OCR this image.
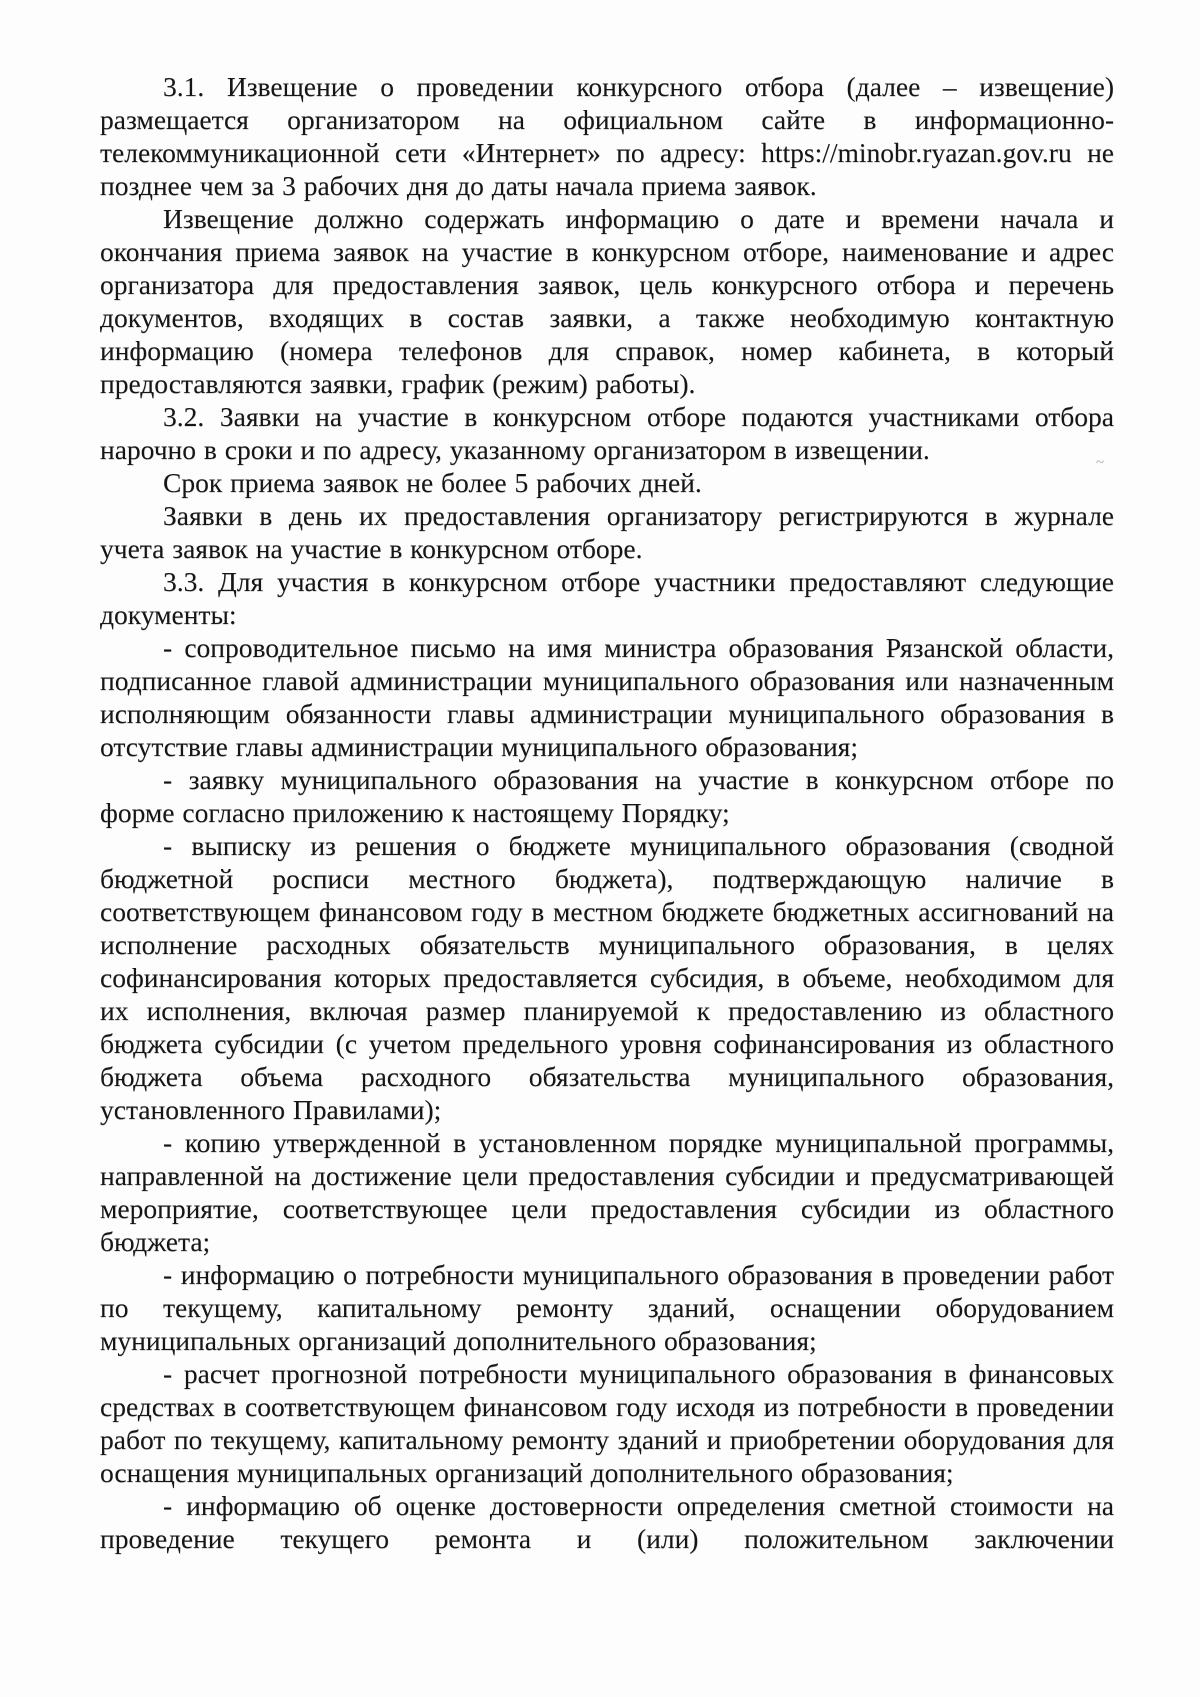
3.1. Извещение о проведении конкурсного отбора (далее – извещение) размещается организатором на официальном сайте в информационно-телекоммуникационной сети «Интернет» по адресу: https://minobr.ryazan.gov.ru не позднее чем за 3 рабочих дня до даты начала приема заявок.

Извещение должно содержать информацию о дате и времени начала и окончания приема заявок на участие в конкурсном отборе, наименование и адрес организатора для предоставления заявок, цель конкурсного отбора и перечень документов, входящих в состав заявки, а также необходимую контактную информацию (номера телефонов для справок, номер кабинета, в который предоставляются заявки, график (режим) работы).

3.2. Заявки на участие в конкурсном отборе подаются участниками отбора нарочно в сроки и по адресу, указанному организатором в извещении.

Срок приема заявок не более 5 рабочих дней.

Заявки в день их предоставления организатору регистрируются в журнале учета заявок на участие в конкурсном отборе.

3.3. Для участия в конкурсном отборе участники предоставляют следующие документы:

- сопроводительное письмо на имя министра образования Рязанской области, подписанное главой администрации муниципального образования или назначенным исполняющим обязанности главы администрации муниципального образования в отсутствие главы администрации муниципального образования;

- заявку муниципального образования на участие в конкурсном отборе по форме согласно приложению к настоящему Порядку;

- выписку из решения о бюджете муниципального образования (сводной бюджетной росписи местного бюджета), подтверждающую наличие в соответствующем финансовом году в местном бюджете бюджетных ассигнований на исполнение расходных обязательств муниципального образования, в целях софинансирования которых предоставляется субсидия, в объеме, необходимом для их исполнения, включая размер планируемой к предоставлению из областного бюджета субсидии (с учетом предельного уровня софинансирования из областного бюджета объема расходного обязательства муниципального образования, установленного Правилами);

- копию утвержденной в установленном порядке муниципальной программы, направленной на достижение цели предоставления субсидии и предусматривающей мероприятие, соответствующее цели предоставления субсидии из областного бюджета;

- информацию о потребности муниципального образования в проведении работ по текущему, капитальному ремонту зданий, оснащении оборудованием муниципальных организаций дополнительного образования;

- расчет прогнозной потребности муниципального образования в финансовых средствах в соответствующем финансовом году исходя из потребности в проведении работ по текущему, капитальному ремонту зданий и приобретении оборудования для оснащения муниципальных организаций дополнительного образования;

- информацию об оценке достоверности определения сметной стоимости на проведение текущего ремонта и (или) положительном заключении

~
